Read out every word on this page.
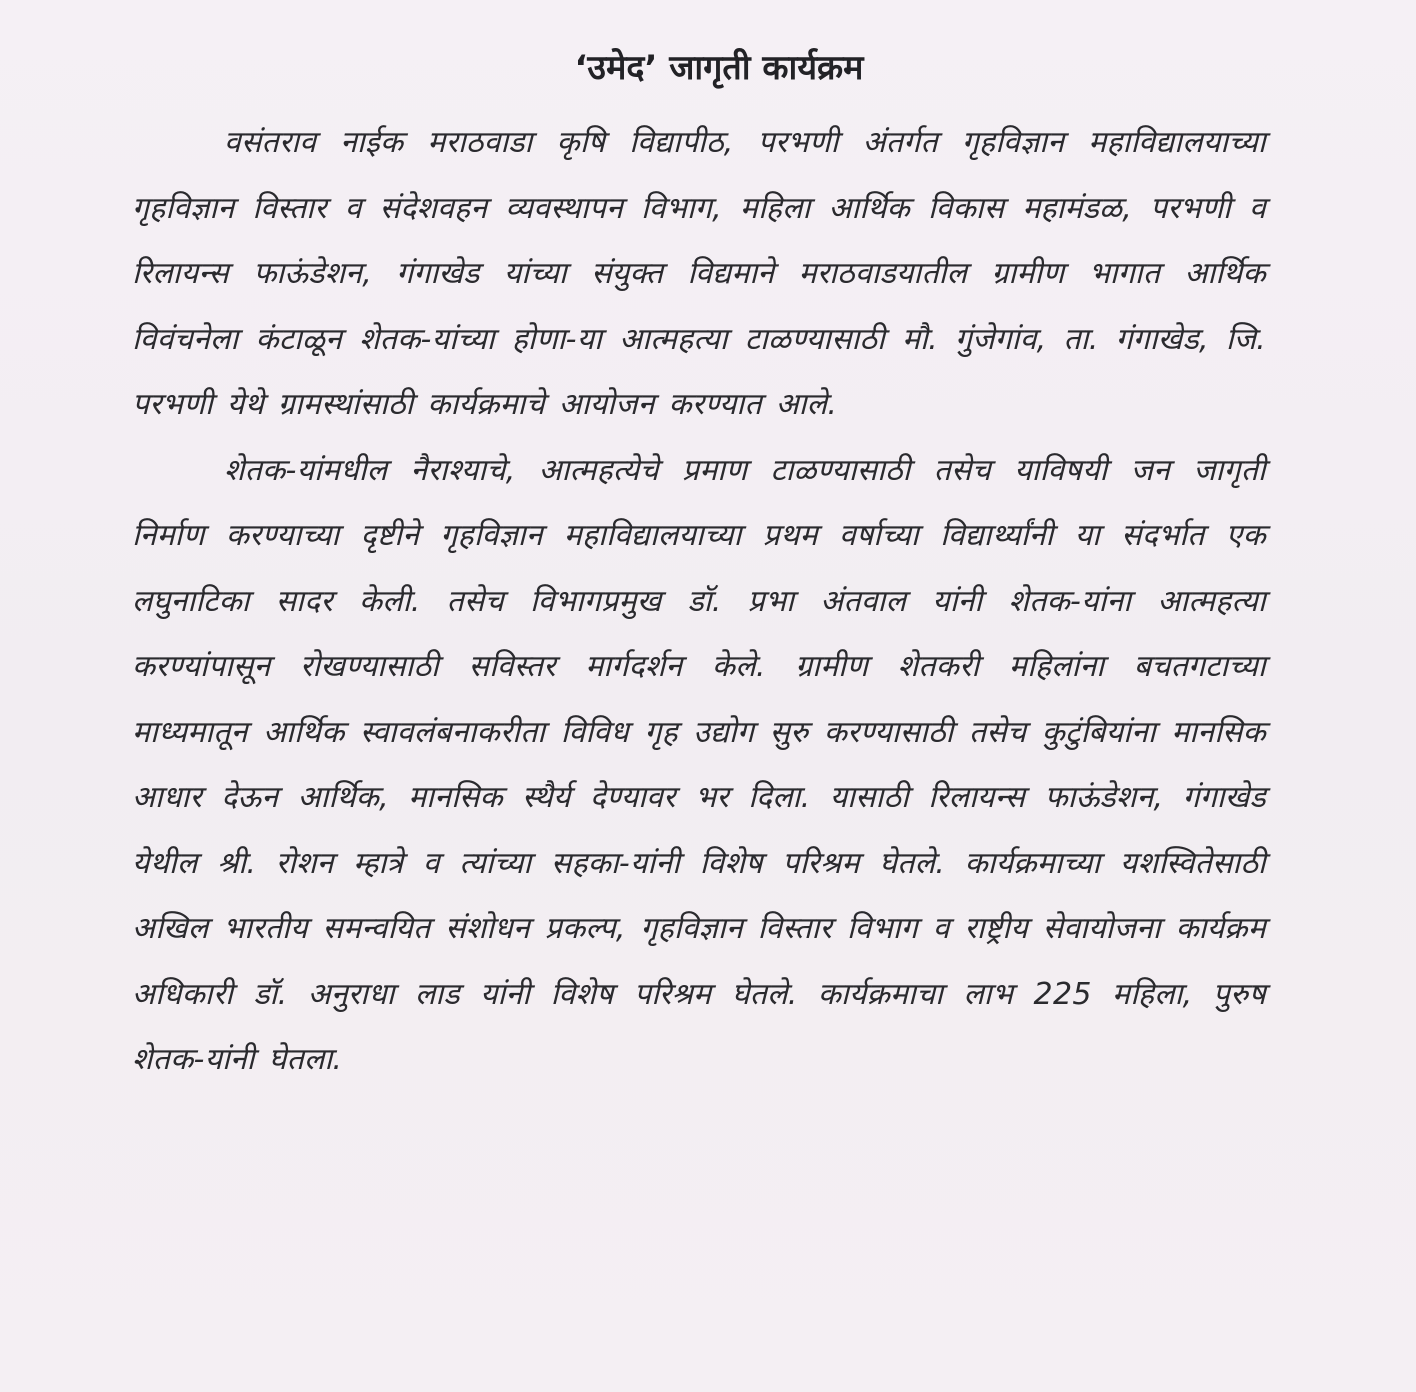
‘उमेद’ जागृती कार्यक्रम

वसंतराव नाईक मराठवाडा कृषि विद्यापीठ, परभणी अंतर्गत गृहविज्ञान महाविद्यालयाच्या गृहविज्ञान विस्तार व संदेशवहन व्यवस्थापन विभाग, महिला आर्थिक विकास महामंडळ, परभणी व रिलायन्स फाऊंडेशन, गंगाखेड यांच्या संयुक्त विद्यमाने मराठवाडयातील ग्रामीण भागात आर्थिक विवंचनेला कंटाळून शेतक-यांच्या होणा-या आत्महत्या टाळण्यासाठी मौ. गुंजेगांव, ता. गंगाखेड, जि. परभणी येथे ग्रामस्थांसाठी कार्यक्रमाचे आयोजन करण्यात आले.

शेतक-यांमधील नैराश्याचे, आत्महत्येचे प्रमाण टाळण्यासाठी तसेच याविषयी जन जागृती निर्माण करण्याच्या दृष्टीने गृहविज्ञान महाविद्यालयाच्या प्रथम वर्षाच्या विद्यार्थ्यांनी या संदर्भात एक लघुनाटिका सादर केली. तसेच विभागप्रमुख डॉ. प्रभा अंतवाल यांनी शेतक-यांना आत्महत्या करण्यांपासून रोखण्यासाठी सविस्तर मार्गदर्शन केले. ग्रामीण शेतकरी महिलांना बचतगटाच्या माध्यमातून आर्थिक स्वावलंबनाकरीता विविध गृह उद्योग सुरु करण्यासाठी तसेच कुटुंबियांना मानसिक आधार देऊन आर्थिक, मानसिक स्थैर्य देण्यावर भर दिला. यासाठी रिलायन्स फाऊंडेशन, गंगाखेड येथील श्री. रोशन म्हात्रे व त्यांच्या सहका-यांनी विशेष परिश्रम घेतले. कार्यक्रमाच्या यशस्वितेसाठी अखिल भारतीय समन्वयित संशोधन प्रकल्प, गृहविज्ञान विस्तार विभाग व राष्ट्रीय सेवायोजना कार्यक्रम अधिकारी डॉ. अनुराधा लाड यांनी विशेष परिश्रम घेतले. कार्यक्रमाचा लाभ 225 महिला, पुरुष शेतक-यांनी घेतला.
